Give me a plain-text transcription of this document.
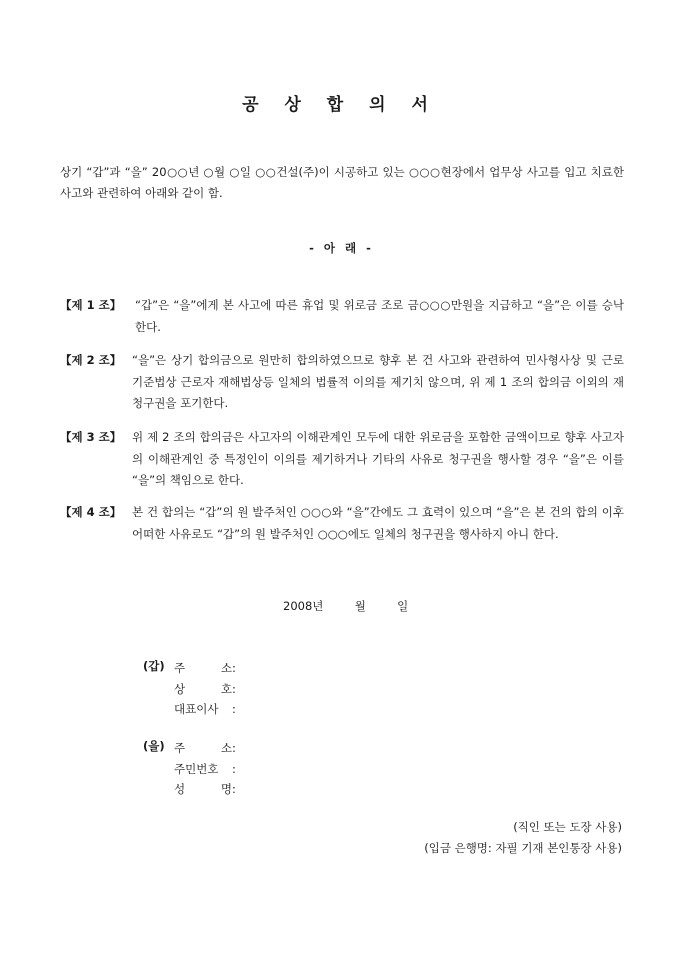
공 상 합 의 서
상기 “갑”과 “을” 20○○년 ○월 ○일 ○○건설(주)이 시공하고 있는 ○○○현장에서 업무상 사고를 입고 치료한 사고와 관련하여 아래와 같이 함.
- 아 래 -
【제 1 조】 “갑”은 “을”에게 본 사고에 따른 휴업 및 위로금 조로 금○○○만원을 지급하고 “을”은 이를 승낙한다.
【제 2 조】 “을”은 상기 합의금으로 원만히 합의하였으므로 향후 본 건 사고와 관련하여 민사형사상 및 근로 기준법상 근로자 재해법상등 일체의 법률적 이의를 제기치 않으며, 위 제 1 조의 합의금 이외의 재청구권을 포기한다.
【제 3 조】 위 제 2 조의 합의금은 사고자의 이해관계인 모두에 대한 위로금을 포함한 금액이므로 향후 사고자의 이해관계인 중 특정인이 이의를 제기하거나 기타의 사유로 청구권을 행사할 경우 “을”은 이를 “을”의 책임으로 한다.
【제 4 조】 본 건 합의는 “갑”의 원 발주처인 ○○○와 “을”간에도 그 효력이 있으며 “을”은 본 건의 합의 이후 어떠한 사유로도 “갑”의 원 발주처인 ○○○에도 일체의 청구권을 행사하지 아니 한다.
2008년	월	일
(갑) 주 소 :
상 호 :
대표이사	:
(을) 주 소 :
주민번호	:
성 명 :
(직인 또는 도장 사용)
(입금 은행명: 자필 기재 본인통장 사용)
